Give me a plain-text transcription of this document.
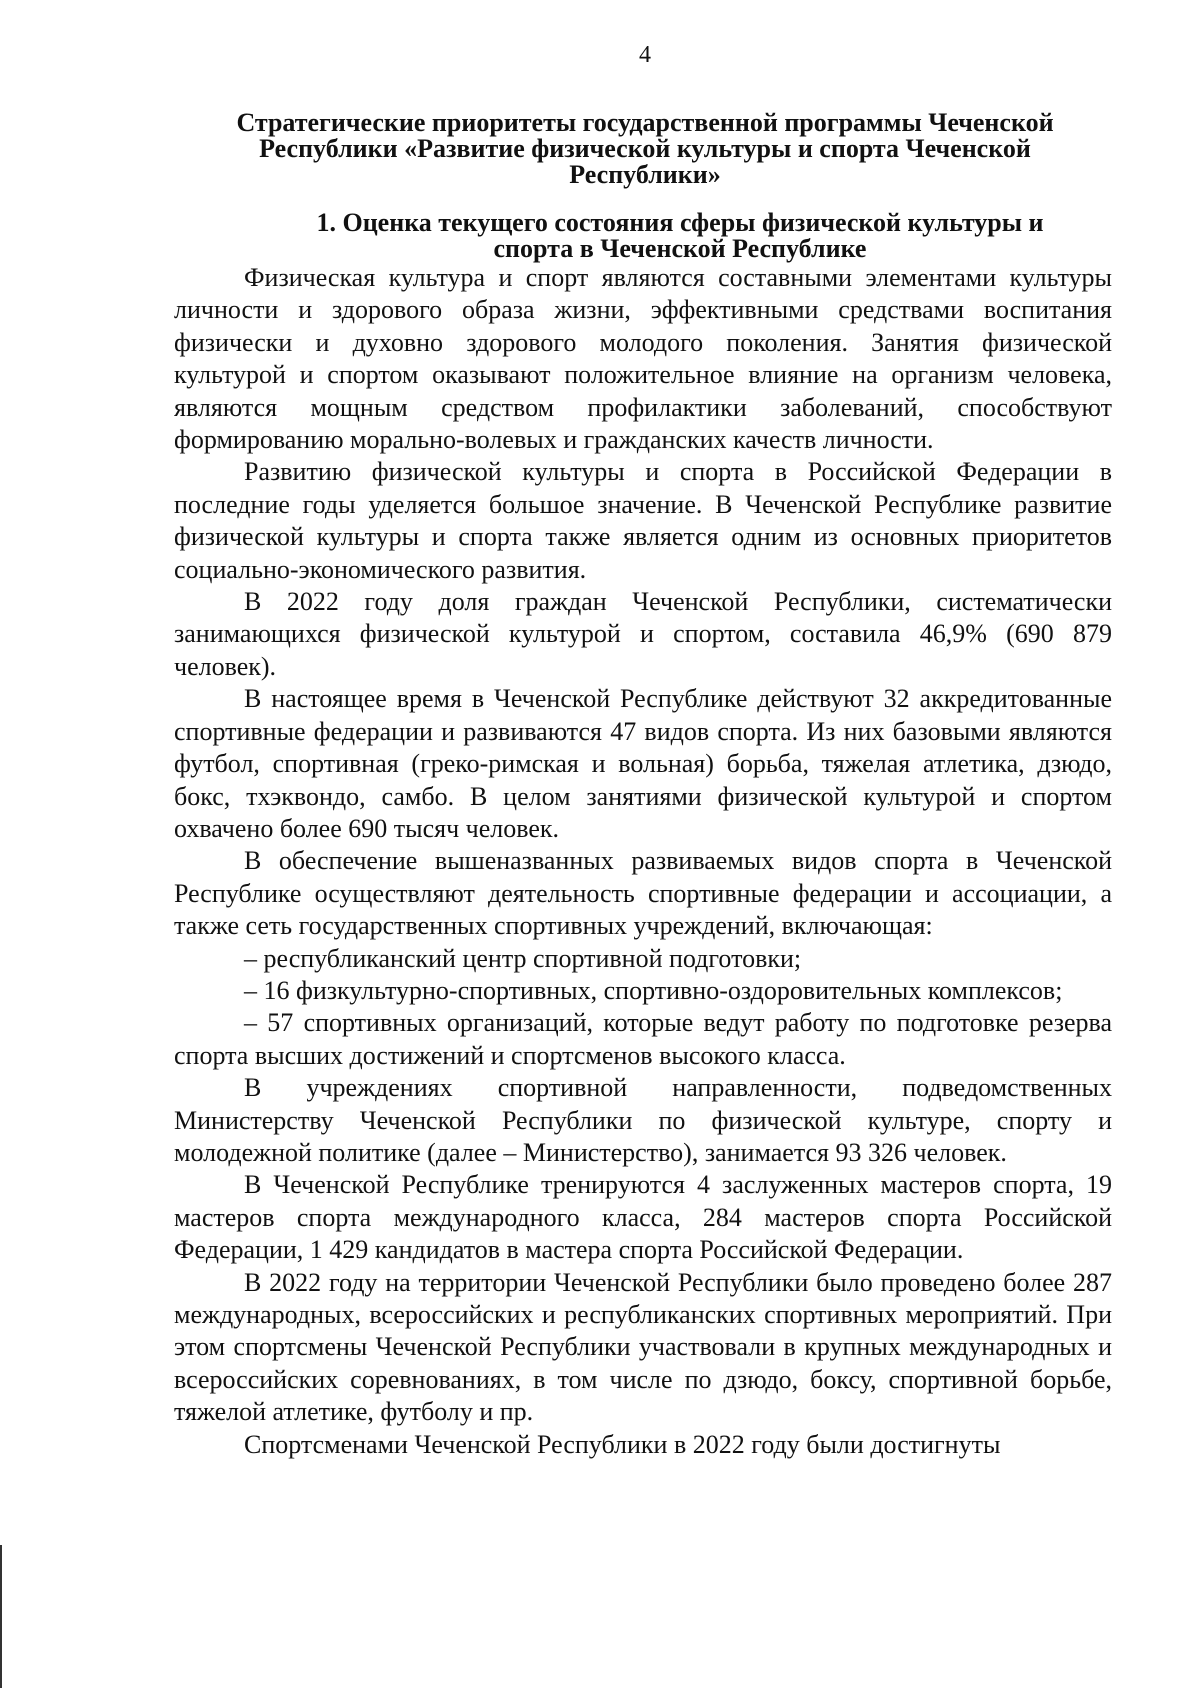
4
Стратегические приоритеты государственной программы Чеченской
Республики «Развитие физической культуры и спорта Чеченской
Республики»
1. Оценка текущего состояния сферы физической культуры и
спорта в Чеченской Республике

Физическая культура и спорт являются составными элементами культуры личности и здорового образа жизни, эффективными средствами воспитания физически и духовно здорового молодого поколения. Занятия физической культурой и спортом оказывают положительное влияние на организм человека, являются мощным средством профилактики заболеваний, способствуют формированию морально-волевых и гражданских качеств личности.

Развитию физической культуры и спорта в Российской Федерации в последние годы уделяется большое значение. В Чеченской Республике развитие физической культуры и спорта также является одним из основных приоритетов социально-экономического развития.

В 2022 году доля граждан Чеченской Республики, систематически занимающихся физической культурой и спортом, составила 46,9% (690 879 человек).

В настоящее время в Чеченской Республике действуют 32 аккредитованные спортивные федерации и развиваются 47 видов спорта. Из них базовыми являются футбол, спортивная (греко-римская и вольная) борьба, тяжелая атлетика, дзюдо, бокс, тхэквондо, самбо. В целом занятиями физической культурой и спортом охвачено более 690 тысяч человек.

В обеспечение вышеназванных развиваемых видов спорта в Чеченской Республике осуществляют деятельность спортивные федерации и ассоциации, а также сеть государственных спортивных учреждений, включающая:

– республиканский центр спортивной подготовки;

– 16 физкультурно-спортивных, спортивно-оздоровительных комплексов;

– 57 спортивных организаций, которые ведут работу по подготовке резерва спорта высших достижений и спортсменов высокого класса.

В учреждениях спортивной направленности, подведомственных Министерству Чеченской Республики по физической культуре, спорту и молодежной политике (далее – Министерство), занимается 93 326 человек.

В Чеченской Республике тренируются 4 заслуженных мастеров спорта, 19 мастеров спорта международного класса, 284 мастеров спорта Российской Федерации, 1 429 кандидатов в мастера спорта Российской Федерации.

В 2022 году на территории Чеченской Республики было проведено более 287 международных, всероссийских и республиканских спортивных мероприятий. При этом спортсмены Чеченской Республики участвовали в крупных международных и всероссийских соревнованиях, в том числе по дзюдо, боксу, спортивной борьбе, тяжелой атлетике, футболу и пр.

Спортсменами Чеченской Республики в 2022 году были достигнуты
